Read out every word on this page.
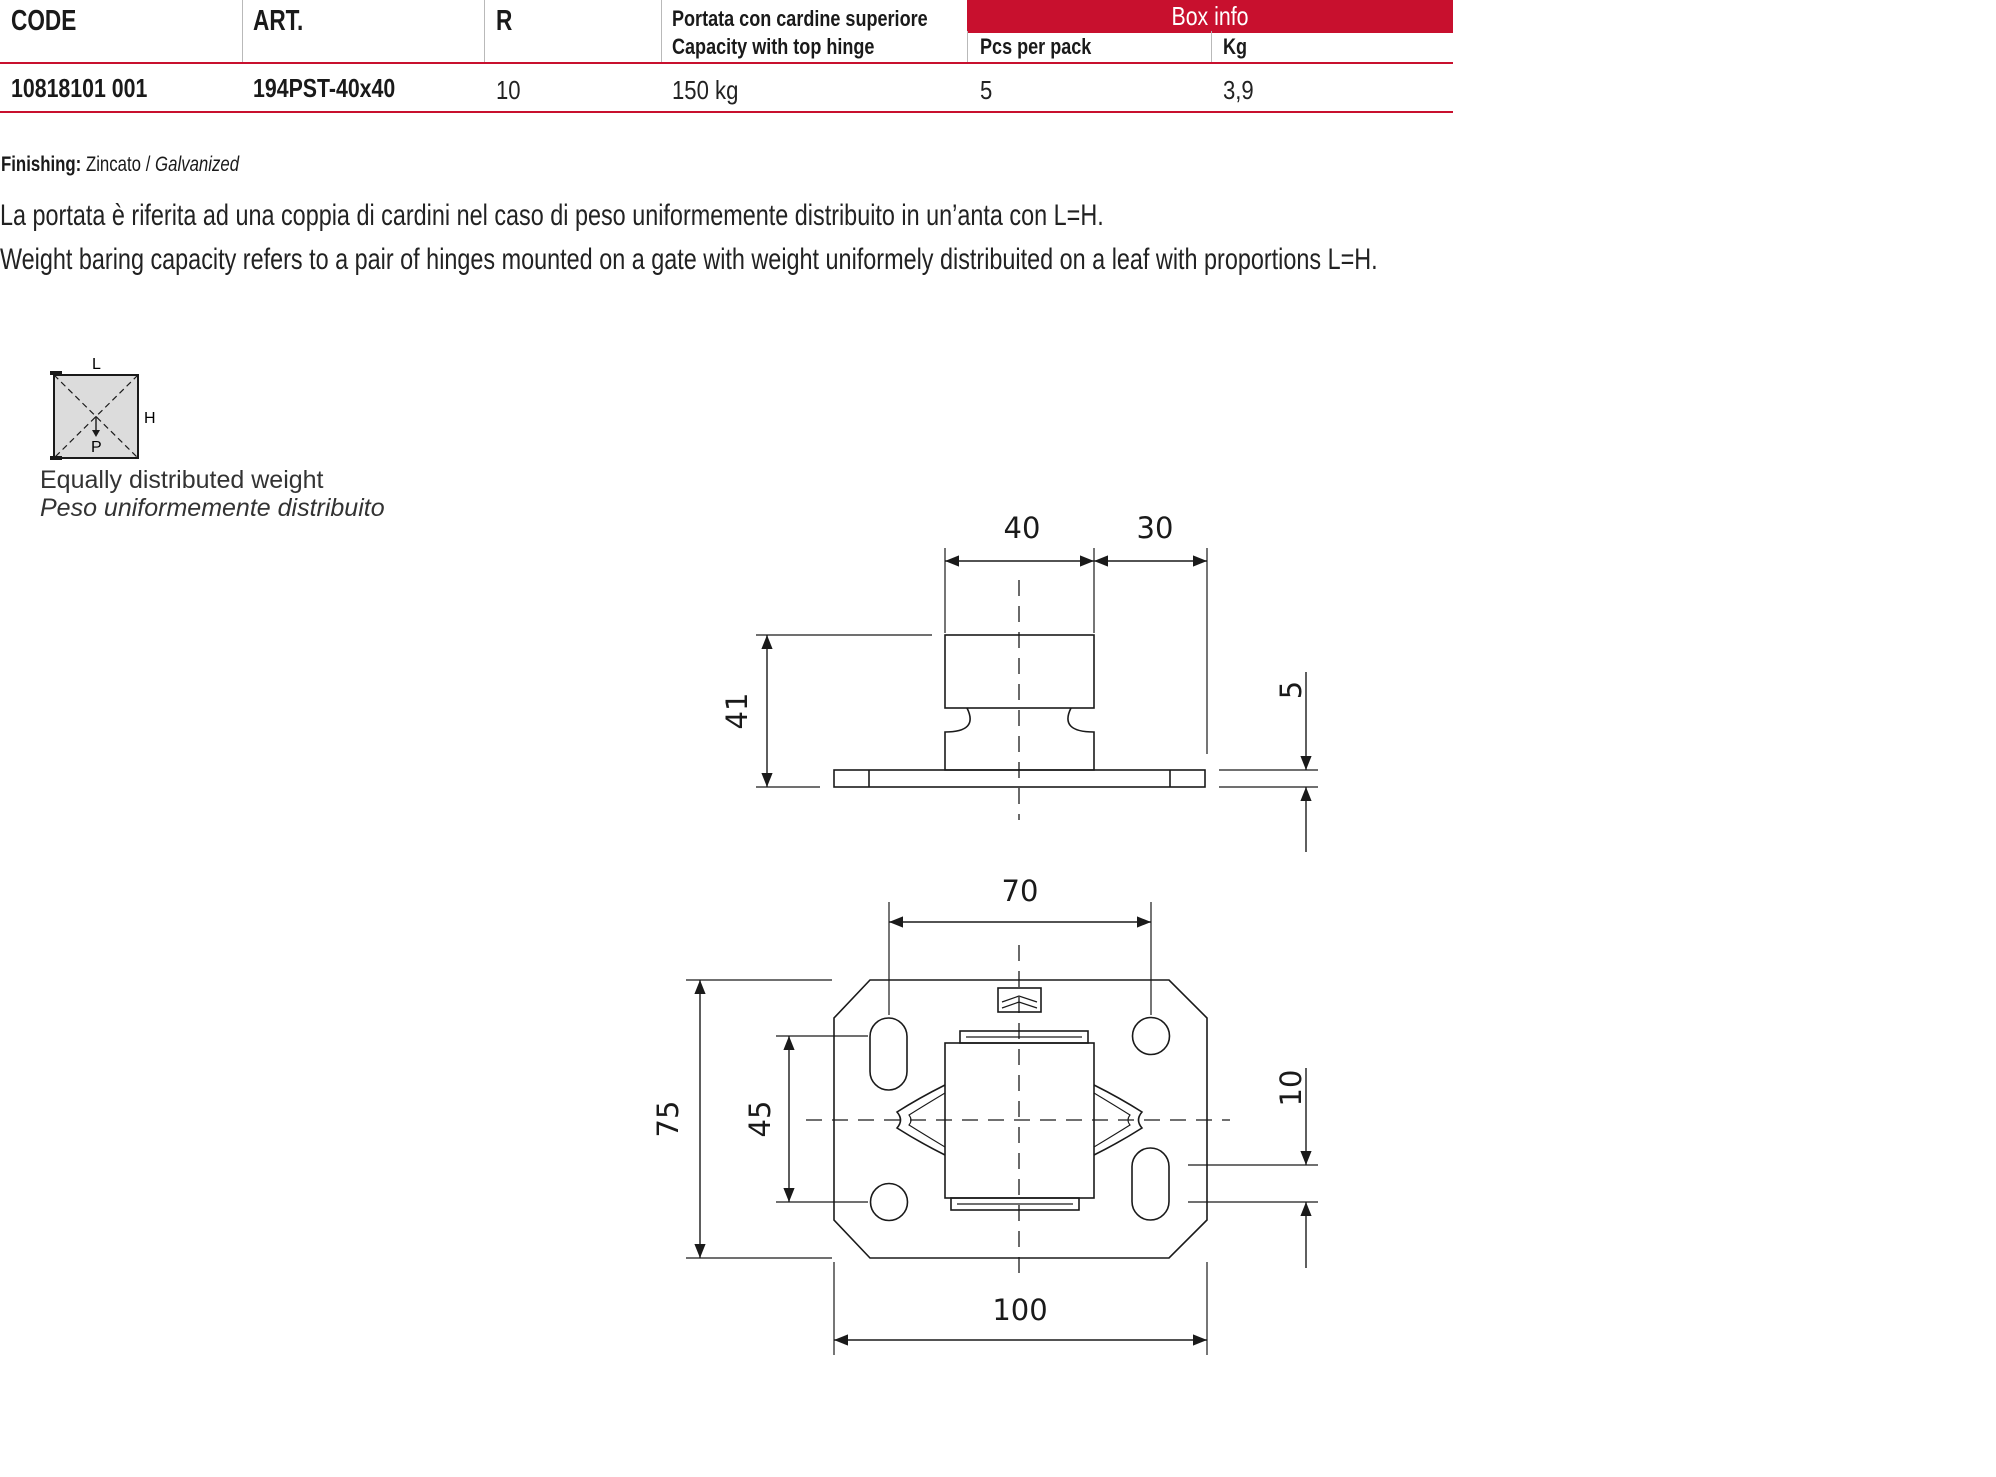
Box info
CODE	ART.	R	Portata con cardine superiore
Capacity with top hinge	Pcs per pack	Kg
10818101 001	194PST-40x40	10	150 kg	5	3,9
Finishing: Zincato / Galvanized
La portata è riferita ad una coppia di cardini nel caso di peso uniformemente distribuito in un’anta con L=H.
Weight baring capacity refers to a pair of hinges mounted on a gate with weight uniformely distribuited on a leaf with proportions L=H.
L
H
P
Equally distributed weight
Peso uniformemente distribuito
40	30
41
5
70
75 45
10
100
